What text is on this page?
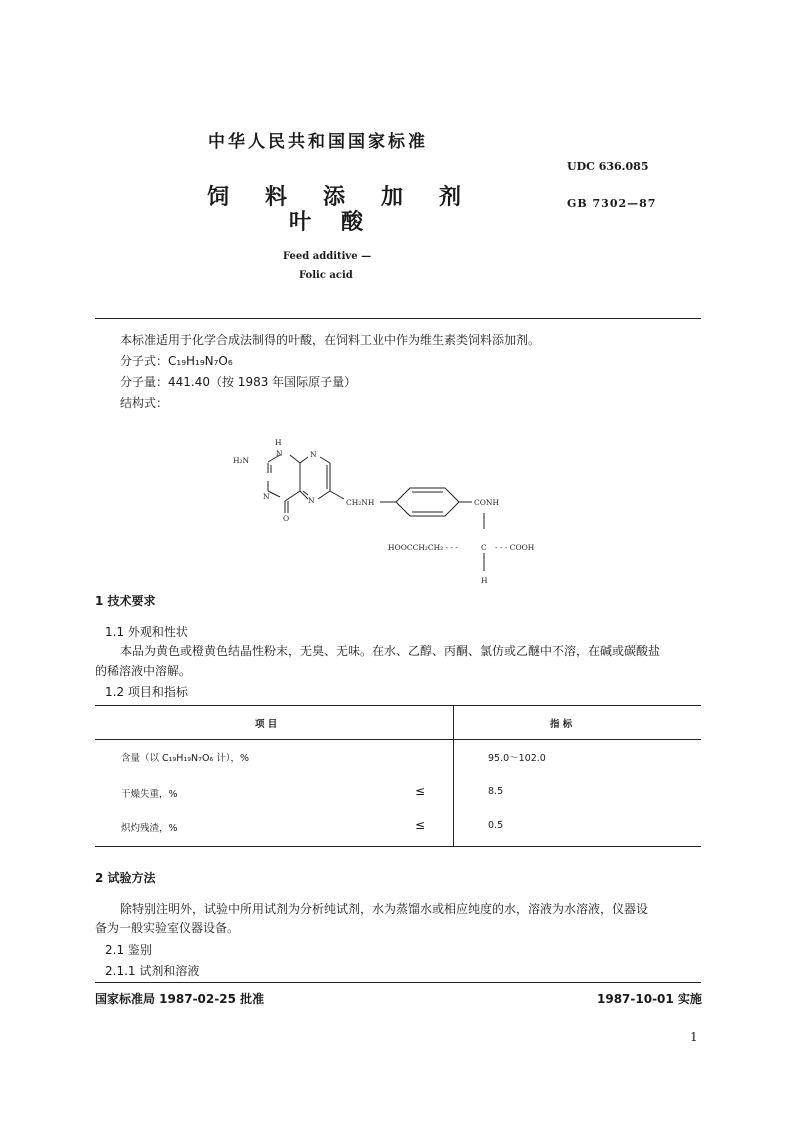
中华人民共和国国家标准
饲料添加剂
叶酸
Feed additive —
Folic acid
UDC 636.085
GB 7302—87
本标准适用于化学合成法制得的叶酸，在饲料工业中作为维生素类饲料添加剂。
分子式：C₁₉H₁₉N₇O₆
分子量：441.40（按 1983 年国际原子量）
结构式：
H
N
H₂N
N
N	N
O
CH₂NH	CONH
HOOCCH₂CH₂ - - -	C - - - COOH
H
1 技术要求
1.1 外观和性状
本品为黄色或橙黄色结晶性粉末，无臭、无味。在水、乙醇、丙酮、氯仿或乙醚中不溶，在碱或碳酸盐
的稀溶液中溶解。
1.2 项目和指标
项 目	指 标
含量（以 C₁₉H₁₉N₇O₆ 计），%	95.0～102.0
干燥失重，%	≤	8.5
炽灼残渣，%	≤	0.5
2 试验方法
除特别注明外，试验中所用试剂为分析纯试剂，水为蒸馏水或相应纯度的水，溶液为水溶液，仪器设
备为一般实验室仪器设备。
2.1 鉴别
2.1.1 试剂和溶液
国家标准局 1987-02-25 批准	1987-10-01 实施
1
